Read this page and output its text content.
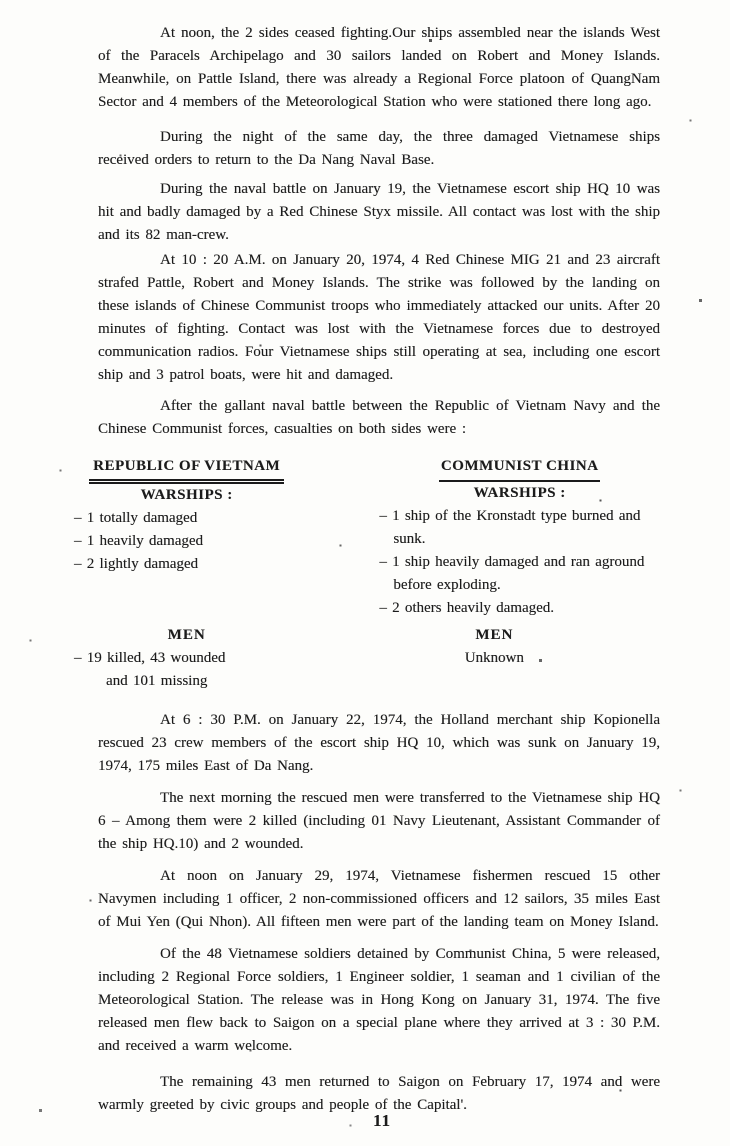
At noon, the 2 sides ceased fighting.Our ships assembled near the islands West of the Paracels Archipelago and 30 sailors landed on Robert and Money Islands. Meanwhile, on Pattle Island, there was already a Regional Force platoon of QuangNam Sector and 4 members of the Meteorological Station who were stationed there long ago.

During the night of the same day, the three damaged Vietnamese ships received orders to return to the Da Nang Naval Base.

During the naval battle on January 19, the Vietnamese escort ship HQ 10 was hit and badly damaged by a Red Chinese Styx missile. All contact was lost with the ship and its 82 man-crew.

At 10 : 20 A.M. on January 20, 1974, 4 Red Chinese MIG 21 and 23 aircraft strafed Pattle, Robert and Money Islands. The strike was followed by the landing on these islands of Chinese Communist troops who immediately attacked our units. After 20 minutes of fighting. Contact was lost with the Vietnamese forces due to destroyed communication radios. Four Vietnamese ships still operating at sea, including one escort ship and 3 patrol boats, were hit and damaged.

After the gallant naval battle between the Republic of Vietnam Navy and the Chinese Communist forces, casualties on both sides were :

REPUBLIC OF VIETNAM
WARSHIPS :
– 1 totally damaged
– 1 heavily damaged
– 2 lightly damaged
COMMUNIST CHINA
WARSHIPS :
– 1 ship of the Kronstadt type burned and sunk.
– 1 ship heavily damaged and ran aground before exploding.
– 2 others heavily damaged.
MEN
– 19 killed, 43 wounded
and 101 missing
MEN
Unknown

At 6 : 30 P.M. on January 22, 1974, the Holland merchant ship Kopionella rescued 23 crew members of the escort ship HQ 10, which was sunk on January 19, 1974, 175 miles East of Da Nang.

The next morning the rescued men were transferred to the Vietnamese ship HQ 6 – Among them were 2 killed (including 01 Navy Lieutenant, Assistant Commander of the ship HQ.10) and 2 wounded.

At noon on January 29, 1974, Vietnamese fishermen rescued 15 other Navymen including 1 officer, 2 non-commissioned officers and 12 sailors, 35 miles East of Mui Yen (Qui Nhon). All fifteen men were part of the landing team on Money Island.

Of the 48 Vietnamese soldiers detained by Communist China, 5 were released, including 2 Regional Force soldiers, 1 Engineer soldier, 1 seaman and 1 civilian of the Meteorological Station. The release was in Hong Kong on January 31, 1974. The five released men flew back to Saigon on a special plane where they arrived at 3 : 30 P.M. and received a warm welcome.

The remaining 43 men returned to Saigon on February 17, 1974 and were warmly greeted by civic groups and people of the Capital'.

11
